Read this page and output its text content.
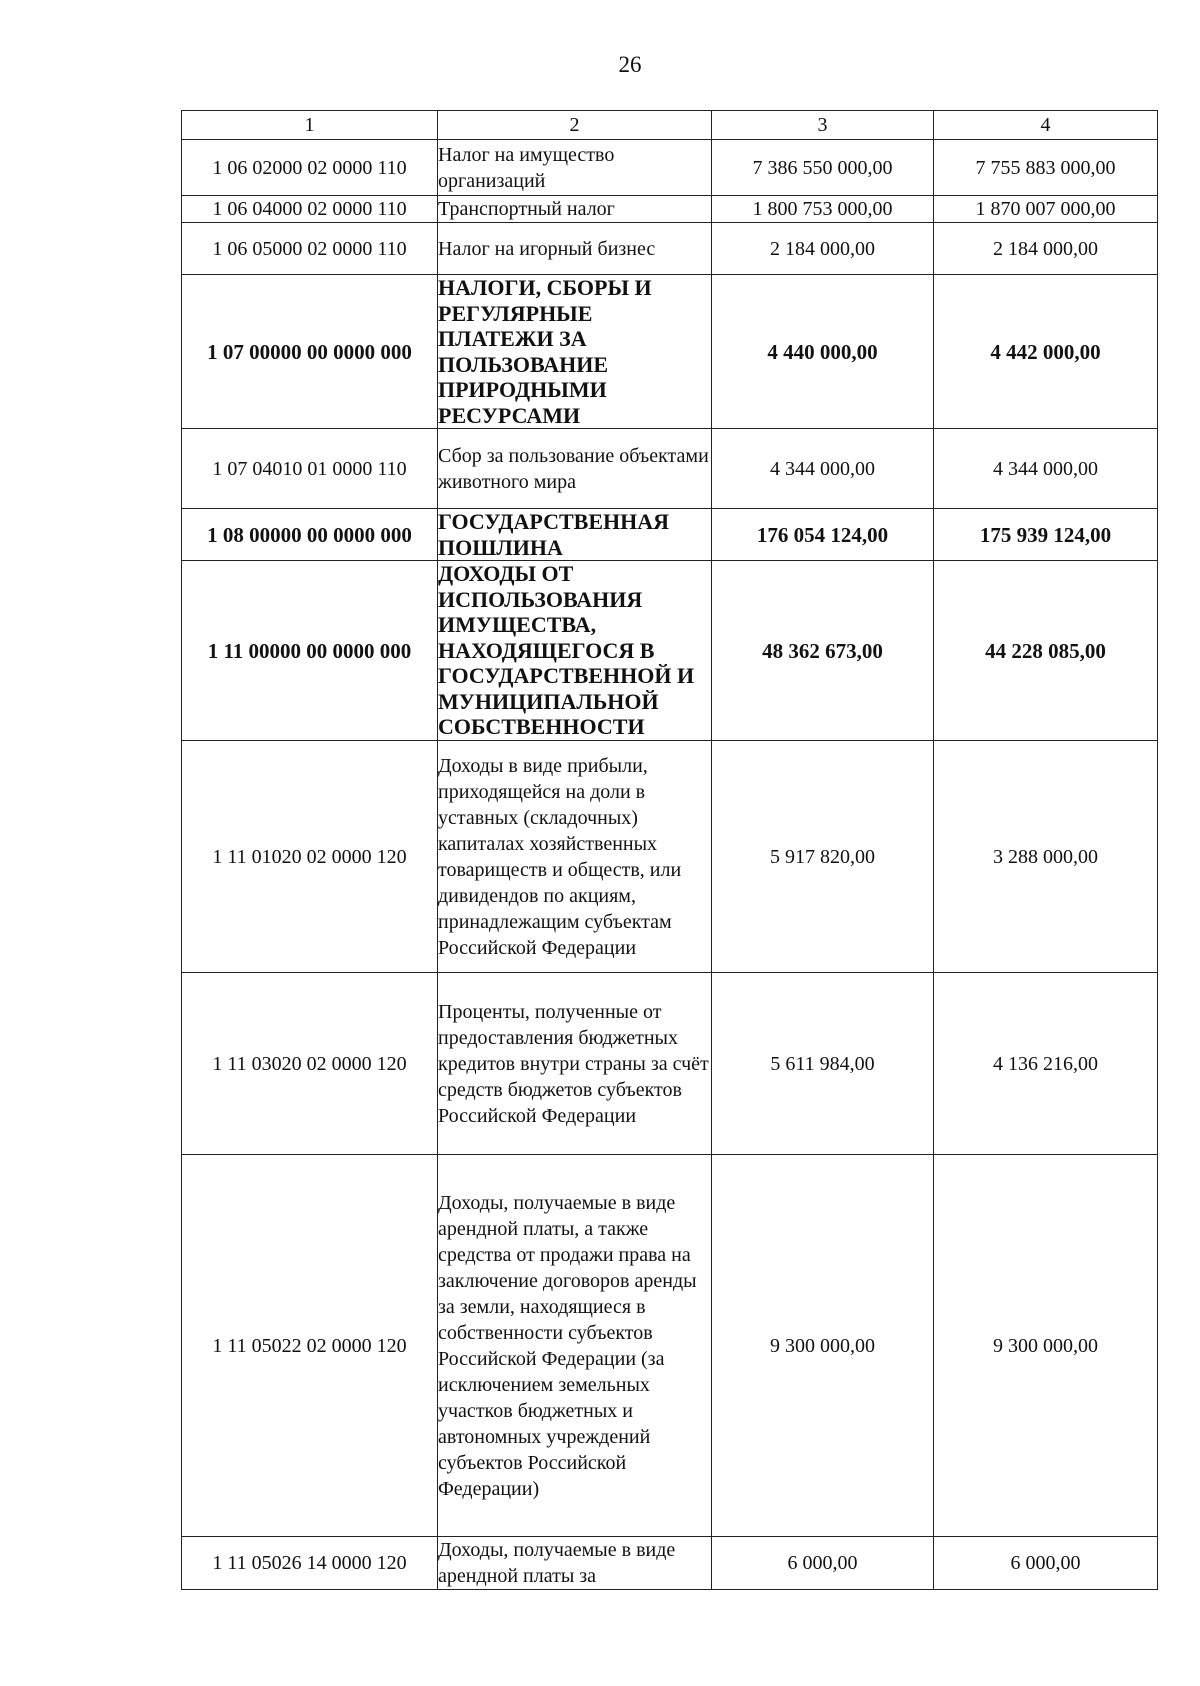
26
1	2	3	4
1 06 02000 02 0000 110	Налог на имущество организаций	7 386 550 000,00	7 755 883 000,00
1 06 04000 02 0000 110	Транспортный налог	1 800 753 000,00	1 870 007 000,00
1 06 05000 02 0000 110	Налог на игорный бизнес	2 184 000,00	2 184 000,00
1 07 00000 00 0000 000	НАЛОГИ, СБОРЫ И РЕГУЛЯРНЫЕ ПЛАТЕЖИ ЗА ПОЛЬЗОВАНИЕ ПРИРОДНЫМИ РЕСУРСАМИ	4 440 000,00	4 442 000,00
1 07 04010 01 0000 110	Сбор за пользование объектами животного мира	4 344 000,00	4 344 000,00
1 08 00000 00 0000 000	ГОСУДАРСТВЕННАЯ ПОШЛИНА	176 054 124,00	175 939 124,00
1 11 00000 00 0000 000	ДОХОДЫ ОТ ИСПОЛЬЗОВАНИЯ ИМУЩЕСТВА, НАХОДЯЩЕГОСЯ В ГОСУДАРСТВЕННОЙ И МУНИЦИПАЛЬНОЙ СОБСТВЕННОСТИ	48 362 673,00	44 228 085,00
1 11 01020 02 0000 120	Доходы в виде прибыли, приходящейся на доли в уставных (складочных) капиталах хозяйственных товариществ и обществ, или дивидендов по акциям, принадлежащим субъектам Российской Федерации	5 917 820,00	3 288 000,00
1 11 03020 02 0000 120	Проценты, полученные от предоставления бюджетных кредитов внутри страны за счёт средств бюджетов субъектов Российской Федерации	5 611 984,00	4 136 216,00
1 11 05022 02 0000 120	Доходы, получаемые в виде арендной платы, а также средства от продажи права на заключение договоров аренды за земли, находящиеся в собственности субъектов Российской Федерации (за исключением земельных участков бюджетных и автономных учреждений субъектов Российской Федерации)	9 300 000,00	9 300 000,00
1 11 05026 14 0000 120	Доходы, получаемые в виде арендной платы за	6 000,00	6 000,00
